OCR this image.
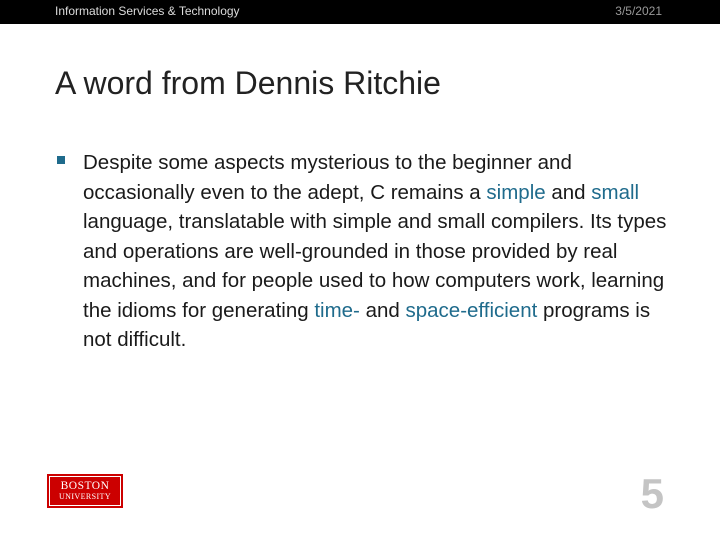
Information Services & Technology	3/5/2021
A word from Dennis Ritchie

Despite some aspects mysterious to the beginner and occasionally even to the adept, C remains a simple and small language, translatable with simple and small compilers. Its types and operations are well-grounded in those provided by real machines, and for people used to how computers work, learning the idioms for generating time- and space-efficient programs is not difficult.

BOSTON
UNIVERSITY	5
